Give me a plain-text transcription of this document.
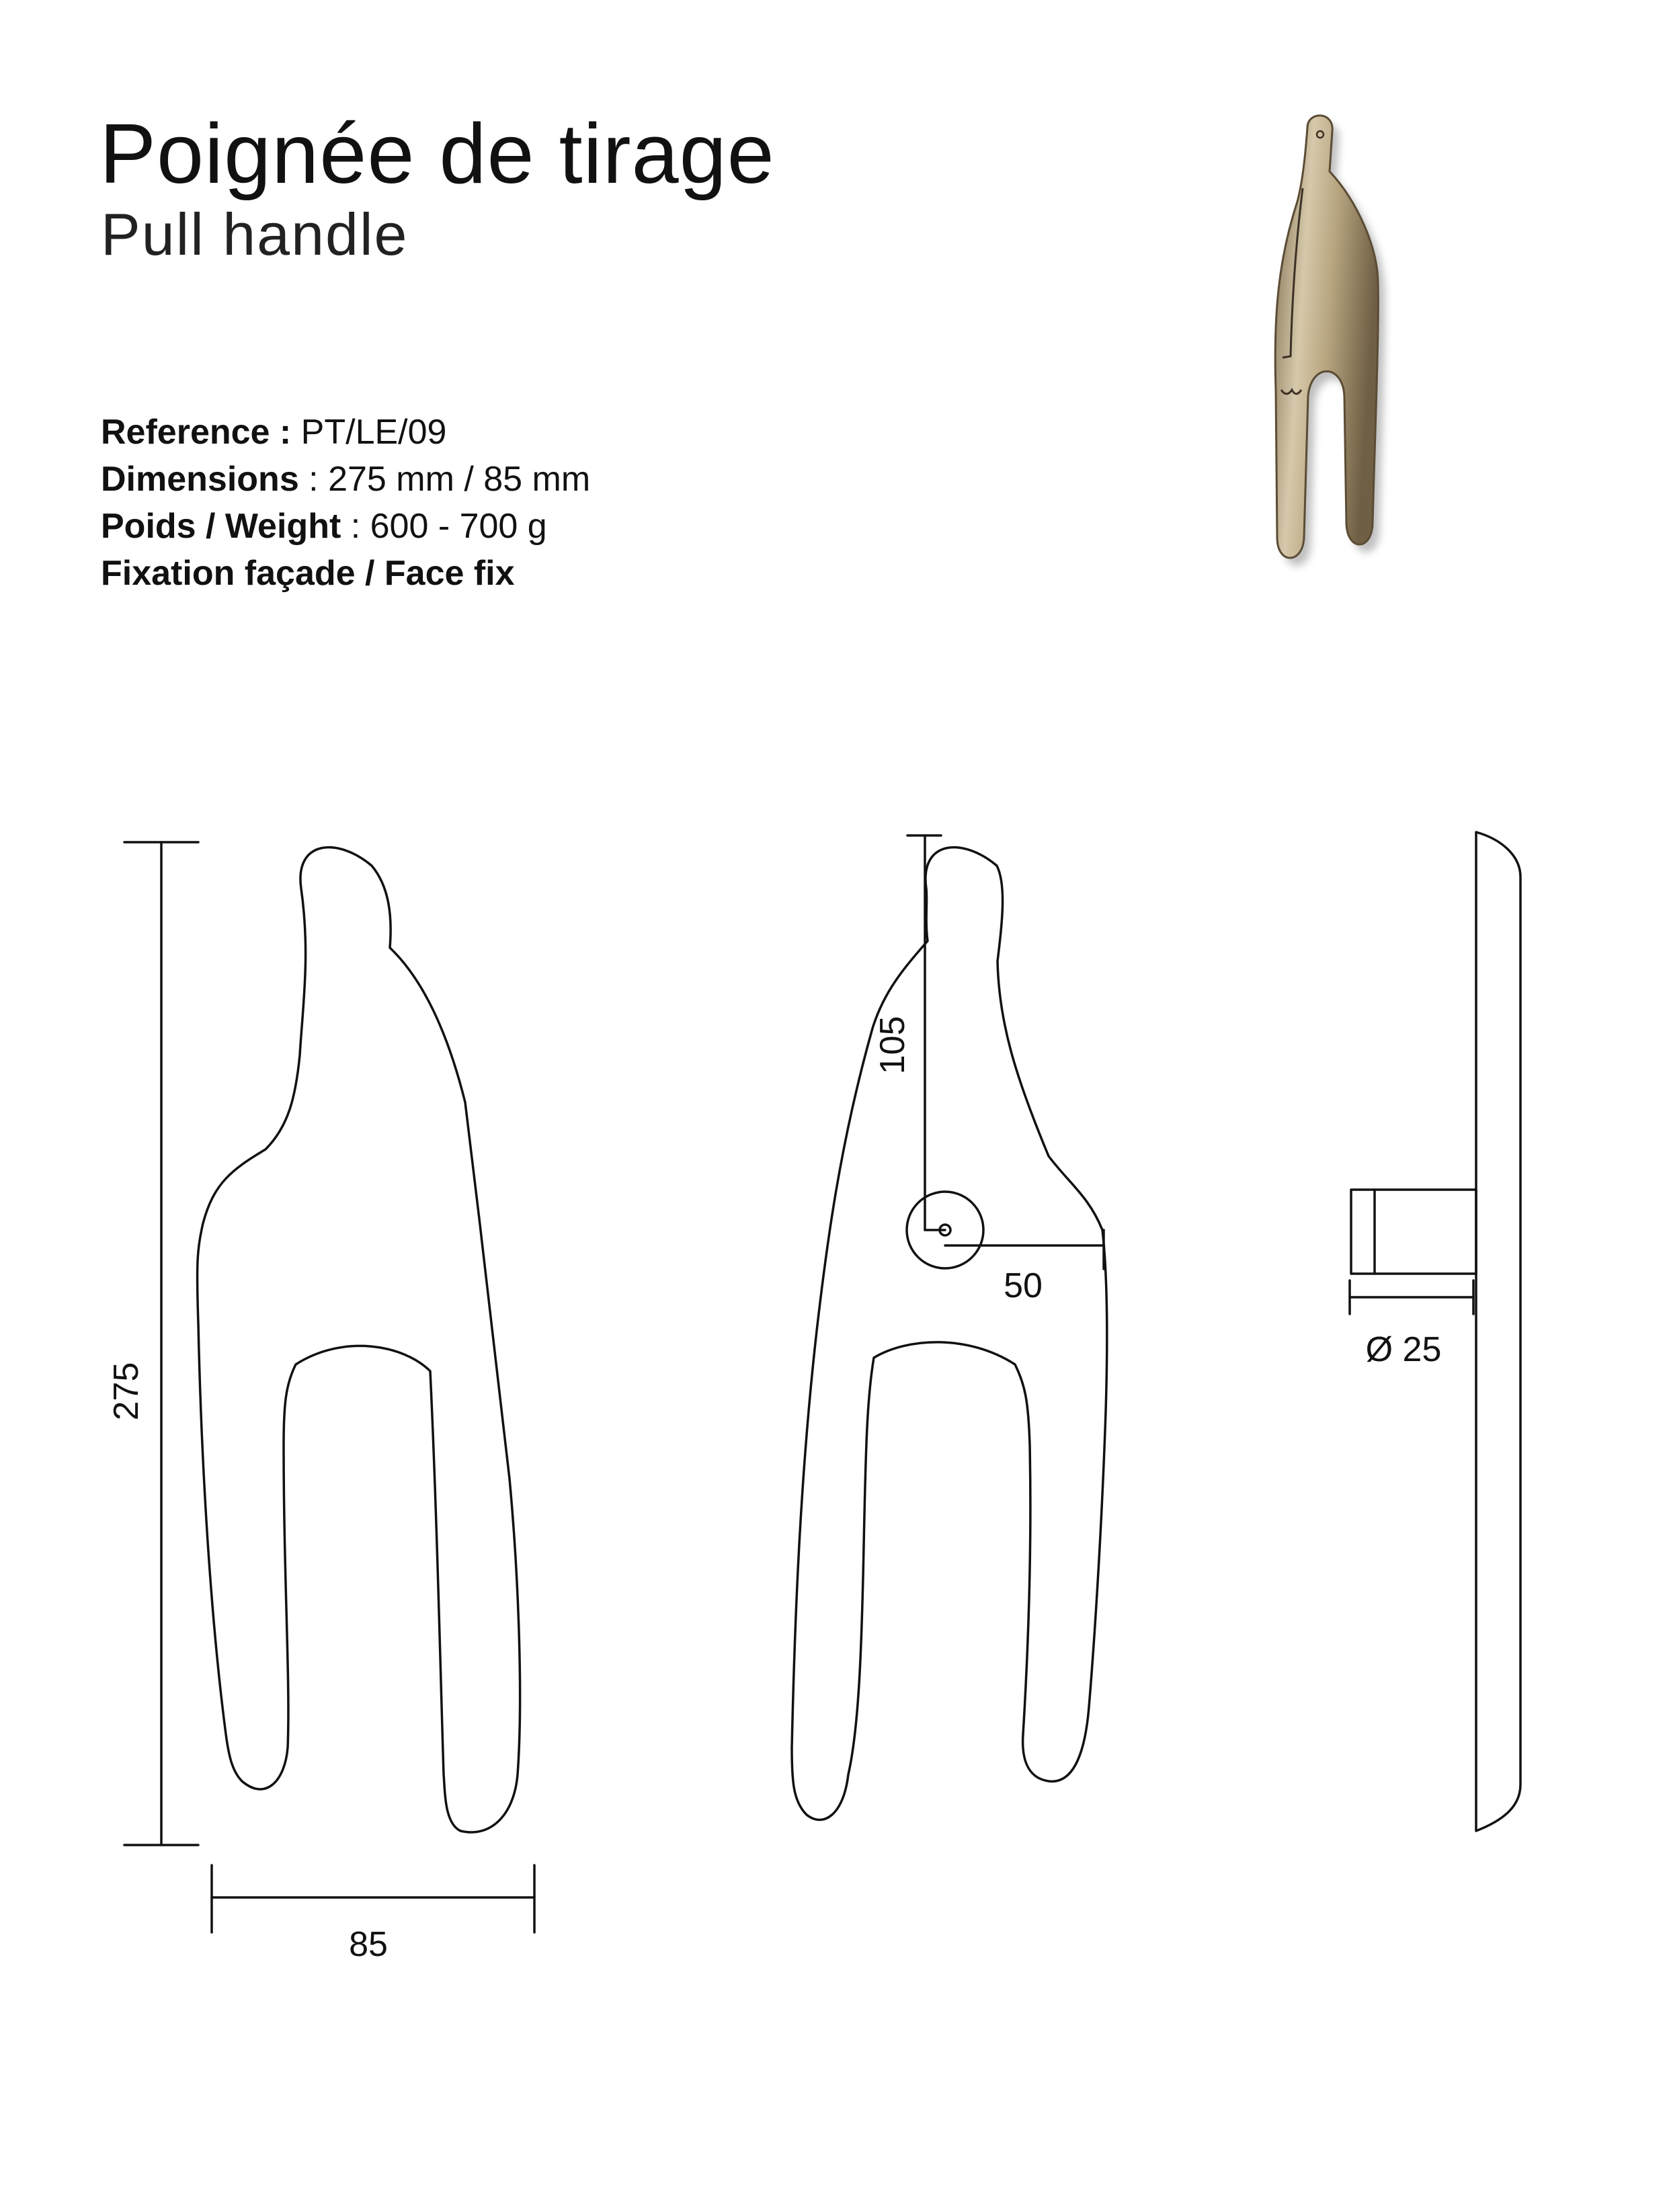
Poignée de tirage
Pull handle
Reference : PT/LE/09
Dimensions : 275 mm / 85 mm
Poids / Weight : 600 - 700 g
Fixation façade / Face fix
275
85
105
50
Ø 25
